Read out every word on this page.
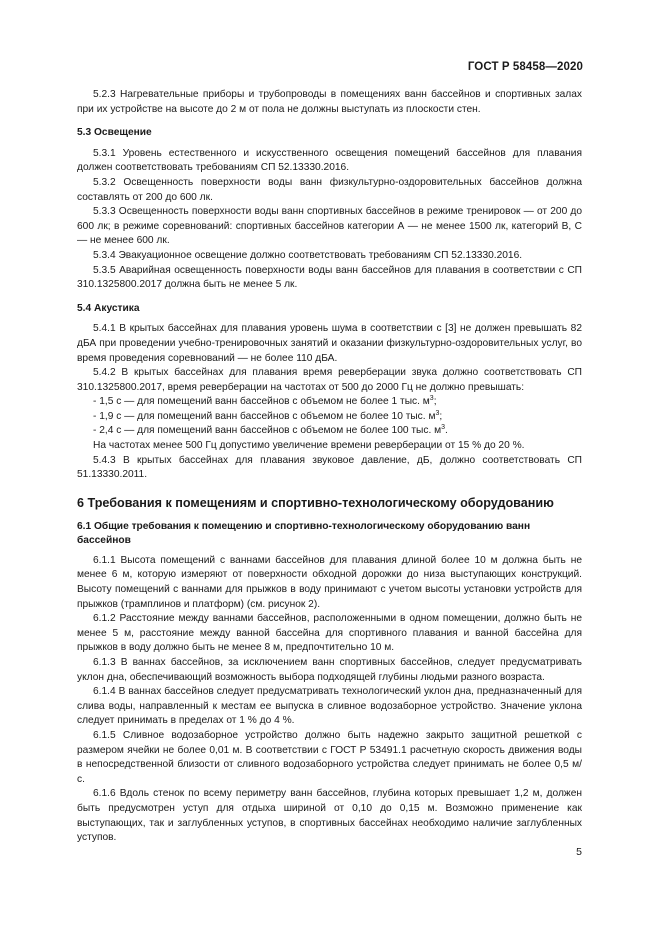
ГОСТ Р 58458—2020

5.2.3 Нагревательные приборы и трубопроводы в помещениях ванн бассейнов и спортивных залах при их устройстве на высоте до 2 м от пола не должны выступать из плоскости стен.

5.3 Освещение

5.3.1 Уровень естественного и искусственного освещения помещений бассейнов для плавания должен соответствовать требованиям СП 52.13330.2016.

5.3.2 Освещенность поверхности воды ванн физкультурно-оздоровительных бассейнов должна составлять от 200 до 600 лк.

5.3.3 Освещенность поверхности воды ванн спортивных бассейнов в режиме тренировок — от 200 до 600 лк; в режиме соревнований: спортивных бассейнов категории А — не менее 1500 лк, категорий В, С — не менее 600 лк.

5.3.4 Эвакуационное освещение должно соответствовать требованиям СП 52.13330.2016.

5.3.5 Аварийная освещенность поверхности воды ванн бассейнов для плавания в соответствии с СП 310.1325800.2017 должна быть не менее 5 лк.

5.4 Акустика

5.4.1 В крытых бассейнах для плавания уровень шума в соответствии с [3] не должен превышать 82 дБА при проведении учебно-тренировочных занятий и оказании физкультурно-оздоровительных услуг, во время проведения соревнований — не более 110 дБА.

5.4.2 В крытых бассейнах для плавания время реверберации звука должно соответствовать СП 310.1325800.2017, время реверберации на частотах от 500 до 2000 Гц не должно превышать:

- 1,5 с — для помещений ванн бассейнов с объемом не более 1 тыс. $м^3$;

- 1,9 с — для помещений ванн бассейнов с объемом не более 10 тыс. $м^3$;

- 2,4 с — для помещений ванн бассейнов с объемом не более 100 тыс. $м^3$.

На частотах менее 500 Гц допустимо увеличение времени реверберации от 15 % до 20 %.

5.4.3 В крытых бассейнах для плавания звуковое давление, дБ, должно соответствовать СП 51.13330.2011.

6 Требования к помещениям и спортивно-технологическому оборудованию
6.1 Общие требования к помещению и спортивно-технологическому оборудованию ванн бассейнов

6.1.1 Высота помещений с ваннами бассейнов для плавания длиной более 10 м должна быть не менее 6 м, которую измеряют от поверхности обходной дорожки до низа выступающих конструкций. Высоту помещений с ваннами для прыжков в воду принимают с учетом высоты установки устройств для прыжков (трамплинов и платформ) (см. рисунок 2).

6.1.2 Расстояние между ваннами бассейнов, расположенными в одном помещении, должно быть не менее 5 м, расстояние между ванной бассейна для спортивного плавания и ванной бассейна для прыжков в воду должно быть не менее 8 м, предпочтительно 10 м.

6.1.3 В ваннах бассейнов, за исключением ванн спортивных бассейнов, следует предусматривать уклон дна, обеспечивающий возможность выбора подходящей глубины людьми разного возраста.

6.1.4 В ваннах бассейнов следует предусматривать технологический уклон дна, предназначенный для слива воды, направленный к местам ее выпуска в сливное водозаборное устройство. Значение уклона следует принимать в пределах от 1 % до 4 %.

6.1.5 Сливное водозаборное устройство должно быть надежно закрыто защитной решеткой с размером ячейки не более 0,01 м. В соответствии с ГОСТ Р 53491.1 расчетную скорость движения воды в непосредственной близости от сливного водозаборного устройства следует принимать не более 0,5 м/с.

6.1.6 Вдоль стенок по всему периметру ванн бассейнов, глубина которых превышает 1,2 м, должен быть предусмотрен уступ для отдыха шириной от 0,10 до 0,15 м. Возможно применение как выступающих, так и заглубленных уступов, в спортивных бассейнах необходимо наличие заглубленных уступов.

5
